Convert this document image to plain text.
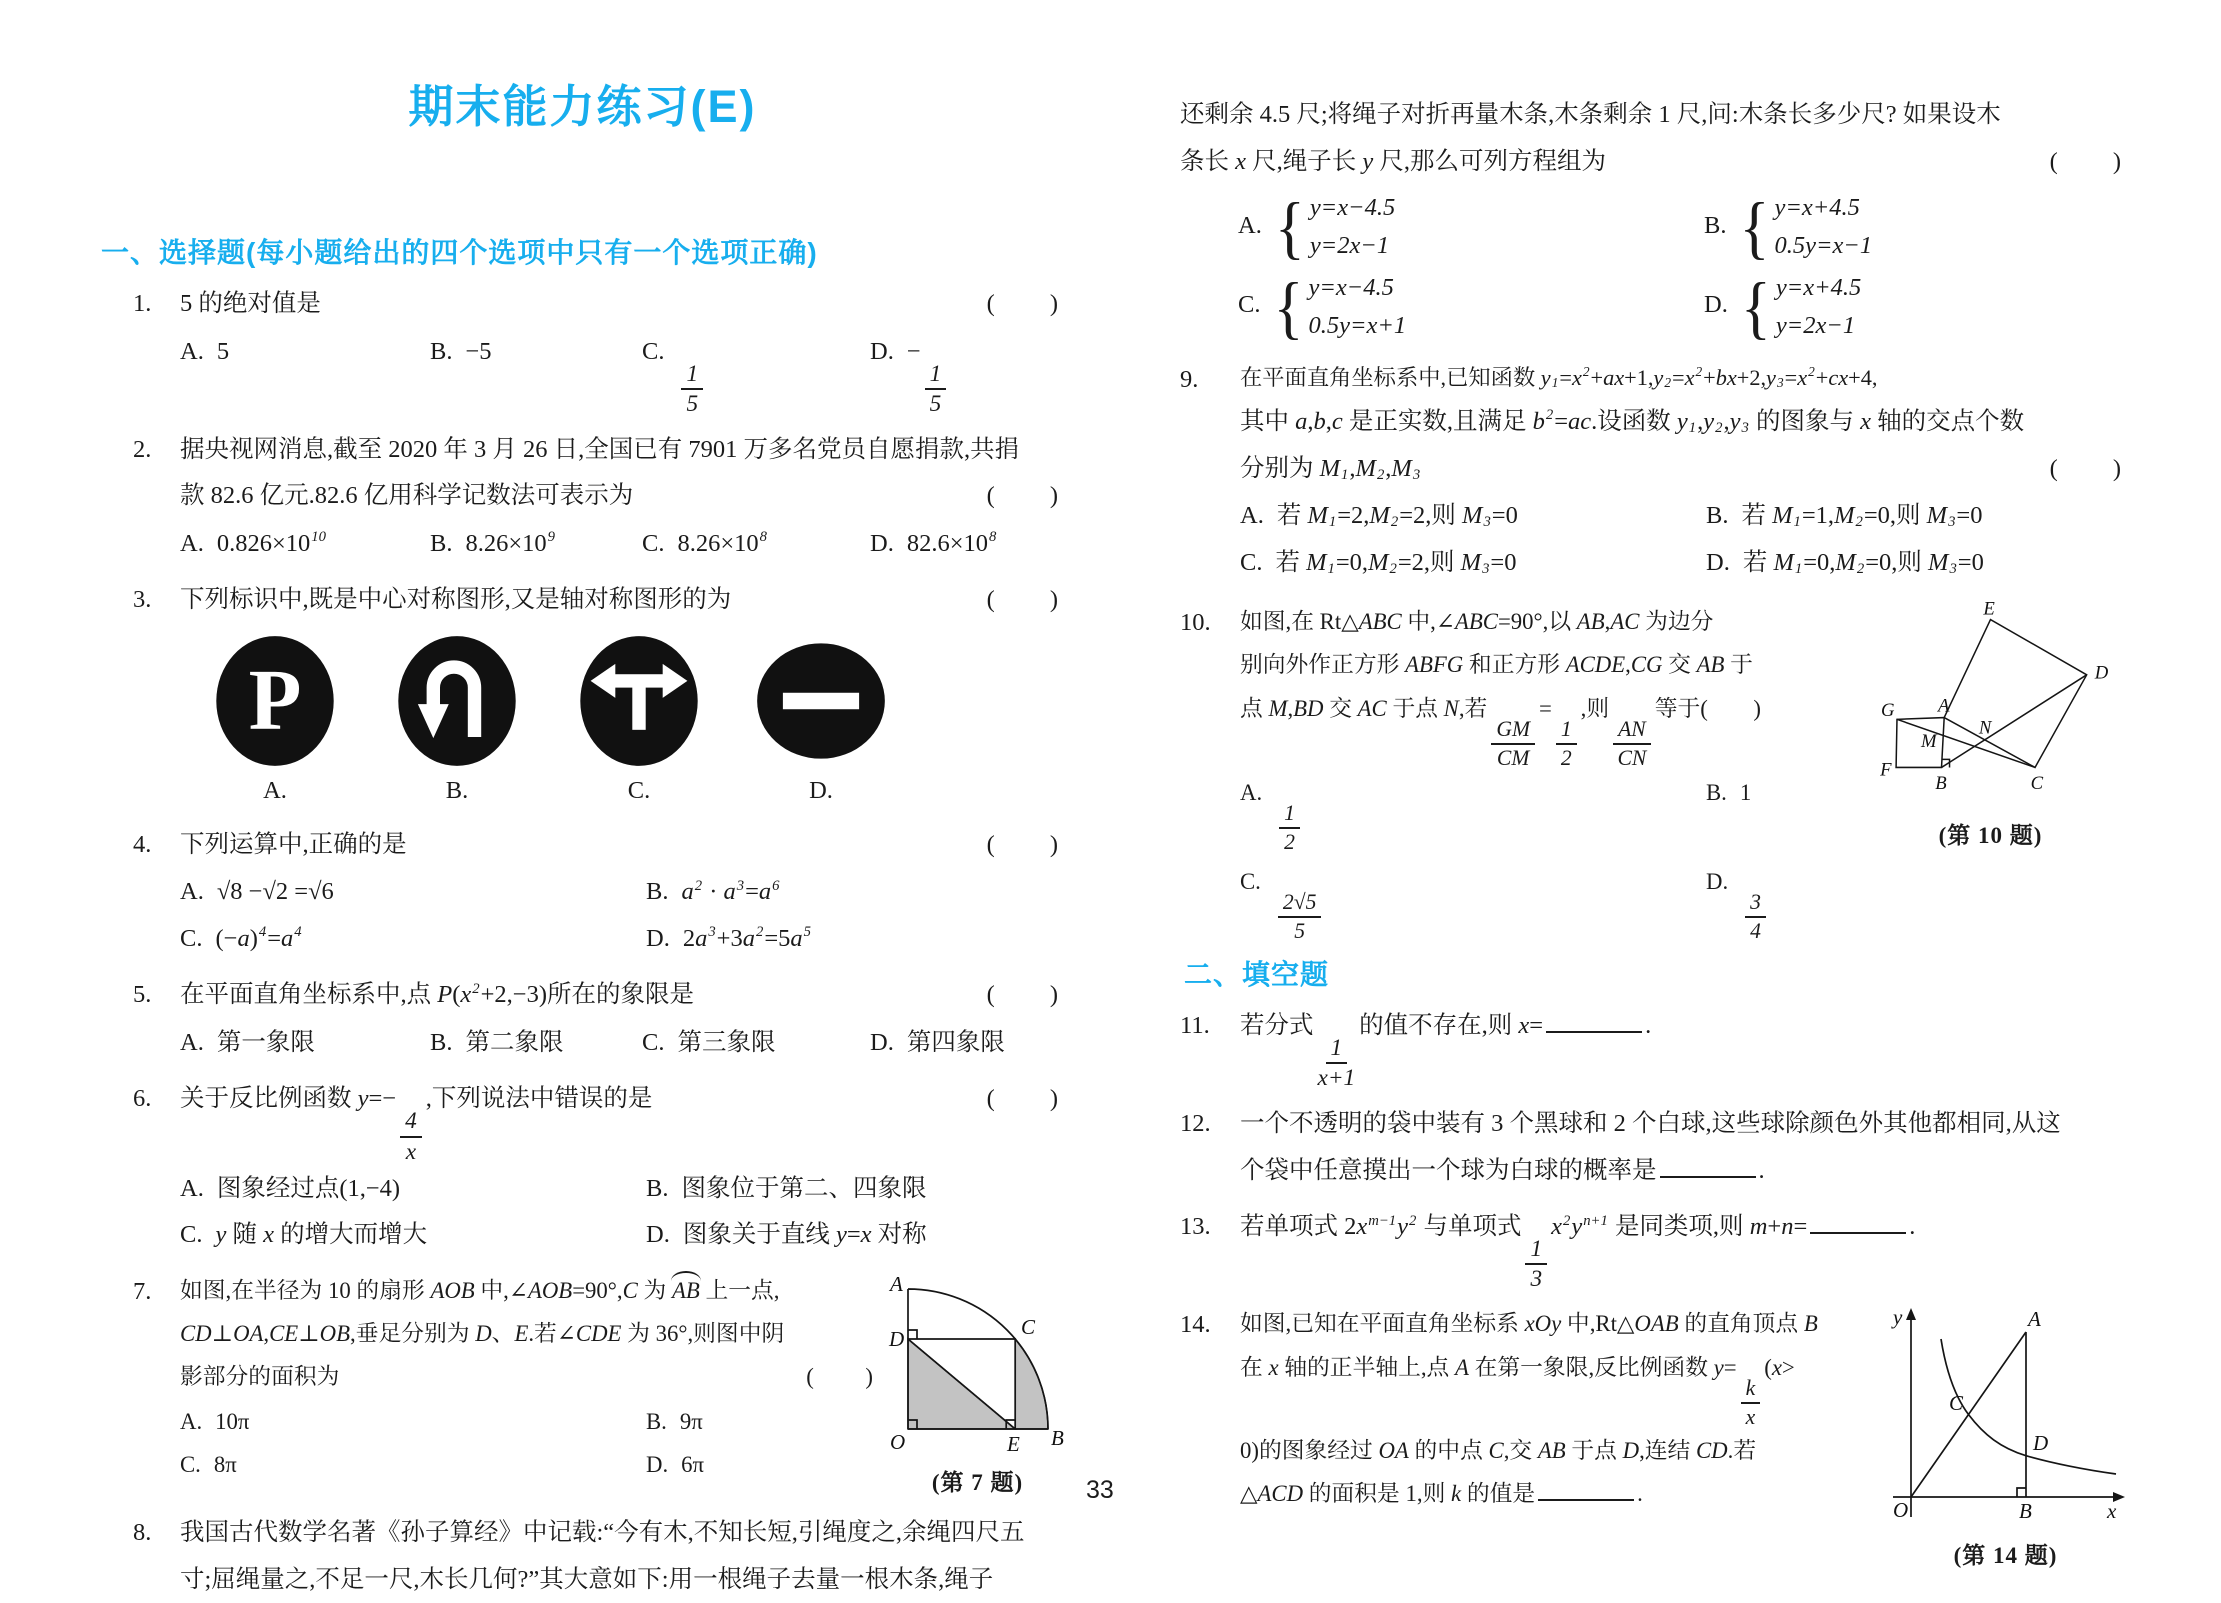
期末能力练习(E)
一、选择题(每小题给出的四个选项中只有一个选项正确)
1.	5 的绝对值是	(　　)
A. 5	B. −5	C.
$\frac{1}{5}$
D. −
$\frac{1}{5}$
2.	据央视网消息,截至 2020 年 3 月 26 日,全国已有 7901 万多名党员自愿捐款,共捐
款 82.6 亿元.82.6 亿用科学记数法可表示为	(　　)
A. $0.826\times 10^{10}$	B. $8.26\times 10^9$	C. $8.26\times 10^8$	D. $82.6\times 10^8$
3.	下列标识中,既是中心对称图形,又是轴对称图形的为	(　　)
P
A.	B.	C.	D.
4.	下列运算中,正确的是	(　　)
A. √8 −√2 =√6	B. $a^2 \cdot a^3=a^6$
C. $(-a)^4=a^4$	D. $2a^3+3a^2=5a^5$
5.	在平面直角坐标系中,点 $P(x^2+2,-3)$所在的象限是	(　　)
A. 第一象限	B. 第二象限	C. 第三象限	D. 第四象限
6.	关于反比例函数 y=−
$\frac{4}{x}$
,下列说法中错误的是	(　　)
A. 图象经过点(1,−4)	B. 图象位于第二、四象限
C. y 随 x 的增大而增大	D. 图象关于直线 y=x 对称
7.	如图,在半径为 10 的扇形 AOB 中,∠AOB=90°,C 为 AB 上一点,
CD⊥OA,CE⊥OB,垂足分别为 D、E.若∠CDE 为 36°,则图中阴
影部分的面积为	(　　)
A. 10π	B. 9π
C. 8π	D. 6π
A
D	C
O	E B
(第 7 题)
8.	我国古代数学名著《孙子算经》中记载:“今有木,不知长短,引绳度之,余绳四尺五
寸;屈绳量之,不足一尺,木长几何?”其大意如下:用一根绳子去量一根木条,绳子
还剩余 4.5 尺;将绳子对折再量木条,木条剩余 1 尺,问:木条长多少尺? 如果设木
条长 x 尺,绳子长 y 尺,那么可列方程组为	(　　)
A. { y=x−4.5
y=2x−1
B. { y=x+4.5
0.5y=x−1
C. { y=x−4.5
0.5y=x+1
D. { y=x+4.5
y=2x−1
9.	在平面直角坐标系中,已知函数 $y1=x^2+ax+1,y2=x^2+bx+2,y3=x^2+cx+4$,
其中 a,b,c 是正实数,且满足 $b^2=ac$.设函数 y1,y2,y3 的图象与 x 轴的交点个数
分别为 M1,M2,M3	(　　)
A. 若 M1=2,M2=2,则 M3=0	B. 若 M1=1,M2=0,则 M3=0
C. 若 M1=0,M2=2,则 M3=0	D. 若 M1=0,M2=0,则 M3=0
10.	如图,在 Rt△ABC 中,∠ABC=90°,以 AB,AC 为边分
别向外作正方形 ABFG 和正方形 ACDE,CG 交 AB 于
点 M,BD 交 AC 于点 N,若
$\frac{GM}{CM}$
=
$\frac{1}{2}$
,则
$\frac{AN}{CN}$
等于(　　)
A.
$\frac{1}{2}$
B. 1
C.
$\frac{2√5}{5}$
D.
$\frac{3}{4}$
E
D
G A
N
M
F
B	C
(第 10 题)
二、填空题
11.	若分式
$\frac{1}{x+1}$
的值不存在,则 x=	.
12.	一个不透明的袋中装有 3 个黑球和 2 个白球,这些球除颜色外其他都相同,从这
个袋中任意摸出一个球为白球的概率是	.
13.	若单项式 $2x^{m-1}y^2$ 与单项式
$\frac{1}{3}$
$x^2y^{n+1}$ 是同类项,则 m+n=	.
14.	如图,已知在平面直角坐标系 xOy 中,Rt△OAB 的直角顶点 B
在 x 轴的正半轴上,点 A 在第一象限,反比例函数 y=
$\frac{k}{x}$
(x>
0)的图象经过 OA 的中点 C,交 AB 于点 D,连结 CD.若
△ACD 的面积是 1,则 k 的值是	.
y	A
C
D
O	B	x
(第 14 题)
33
